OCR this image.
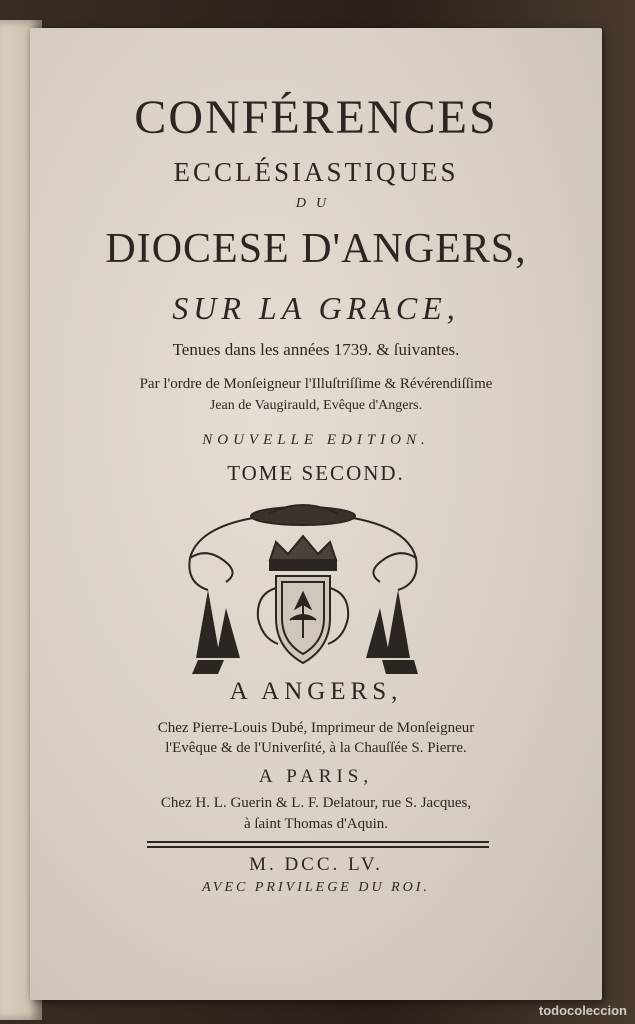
CONFÉRENCES
ECCLÉSIASTIQUES
DU
DIOCESE D'ANGERS,
SUR LA GRACE,
Tenues dans les années 1739. & ſuivantes.
Par l'ordre de Monſeigneur l'Illuſtriſſime & Révérendiſſime
Jean de Vaugirauld, Evêque d'Angers.
NOUVELLE EDITION.
TOME SECOND.
A ANGERS,
Chez Pierre-Louis Dubé, Imprimeur de Monſeigneur
l'Evêque & de l'Univerſité, à la Chauſſée S. Pierre.
A PARIS,
Chez H. L. Guerin & L. F. Delatour, rue S. Jacques,
à ſaint Thomas d'Aquin.
M. DCC. LV.
AVEC PRIVILEGE DU ROI.
todocoleccion
